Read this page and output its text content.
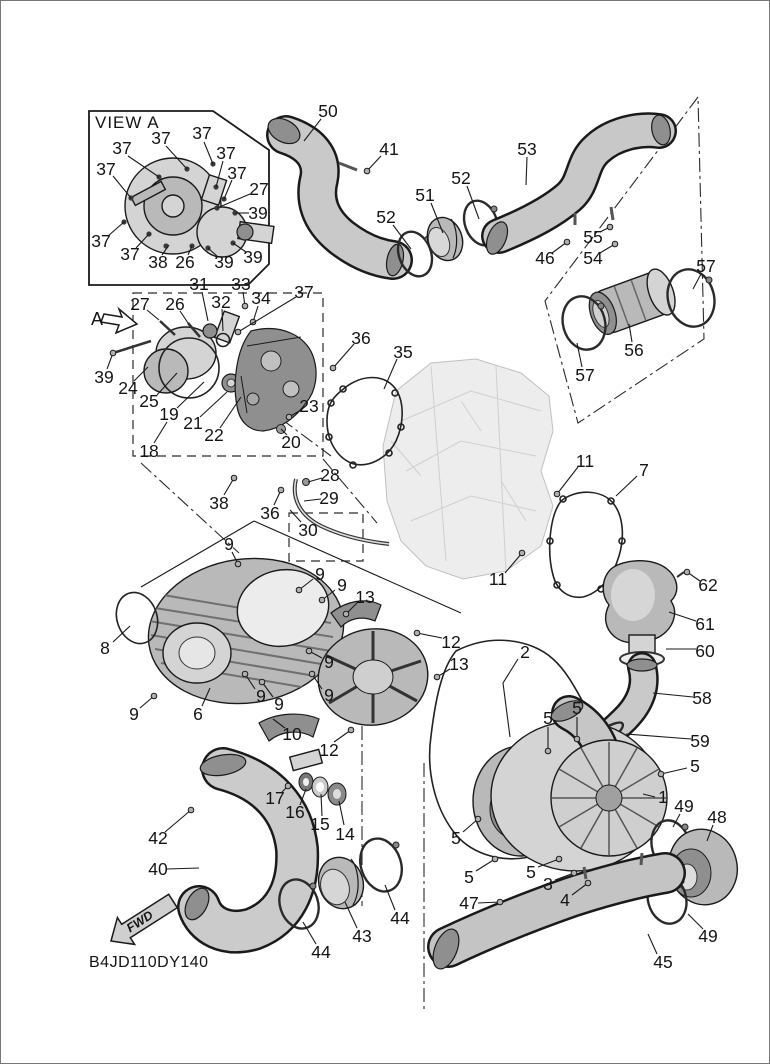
VIEW A
A
FWD
B4JD110DY140
37 37 37
37
37
37
37
37
27
39
39
39
38 26
50
41
52
51
52
53
55
46 54	57
56
57
31 33
32 34 37
27 26
39
24
25
19 21
22
18
23
20
36
35
38 36
28
29
30
11	7
11	62
61
60
2
9
9
9
13
8
9
9	6
9 9 9
10
12
13
12
17
16
15 14	5
5
47
5
3
4
5
5
5
1 49
48
49
58
59
42
40
44
43
44
45
